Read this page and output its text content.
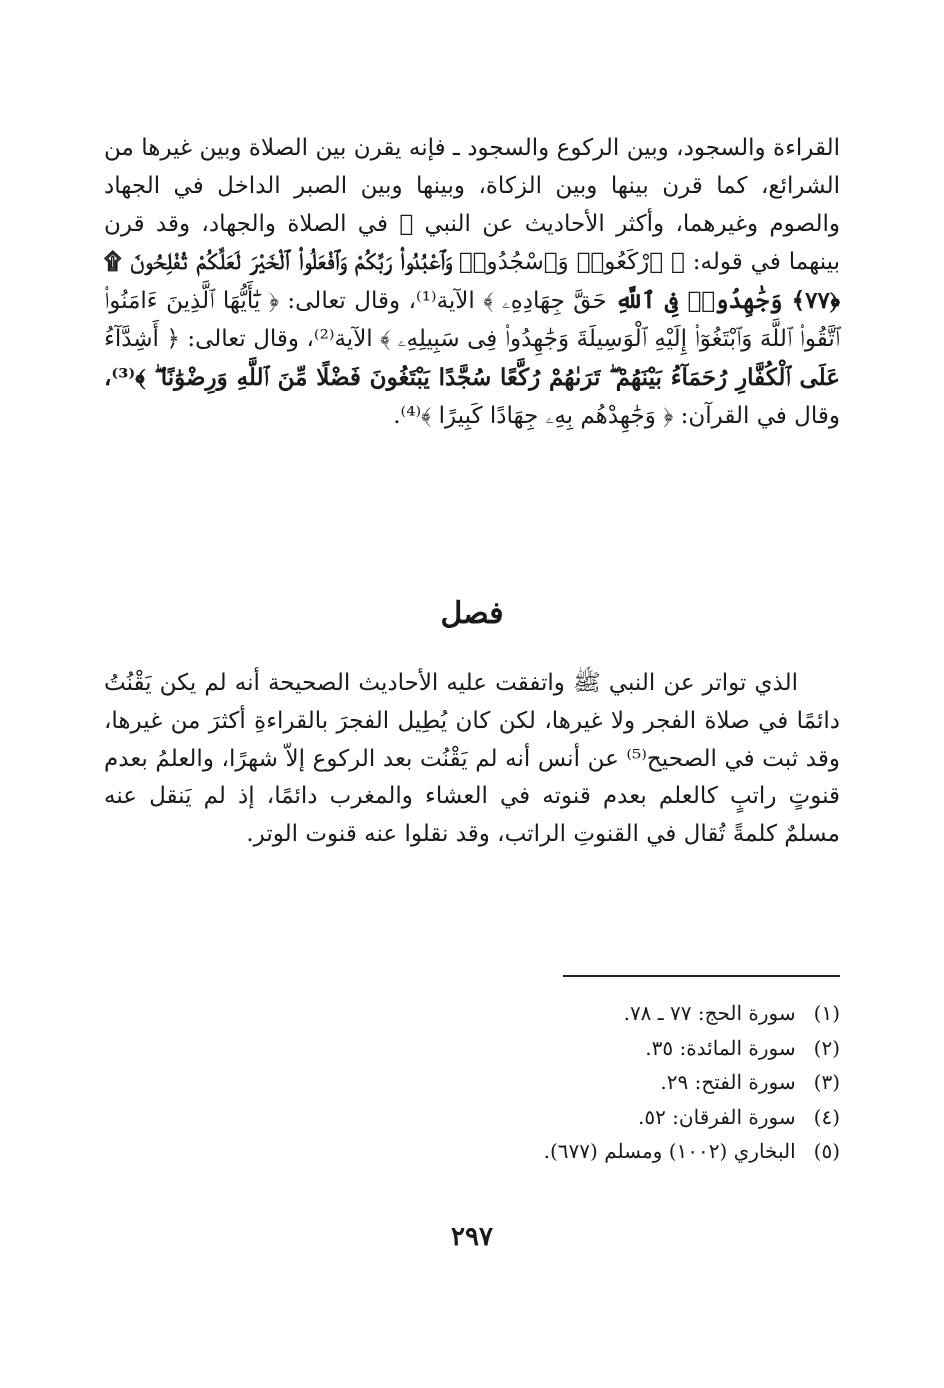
القراءة والسجود، وبين الركوع والسجود ـ فإنه يقرن بين الصلاة وبين غيرها من الشرائع، كما قرن بينها وبين الزكاة، وبينها وبين الصبر الداخل في الجهاد والصوم وغيرهما، وأكثر الأحاديث عن النبي ﷺ في الصلاة والجهاد، وقد قرن بينهما في قوله: ﴿ ٱرْكَعُوا۟ وَٱسْجُدُوا۟ وَٱعْبُدُوا۟ رَبَّكُمْ وَٱفْعَلُوا۟ ٱلْخَيْرَ لَعَلَّكُمْ تُفْلِحُونَ ۩ ﴿٧٧﴾ وَجَٰهِدُوا۟ فِى ٱللَّهِ حَقَّ جِهَادِهِۦ ﴾ الآية⁽¹⁾، وقال تعالى: ﴿ يَٰٓأَيُّهَا ٱلَّذِينَ ءَامَنُوا۟ ٱتَّقُوا۟ ٱللَّهَ وَٱبْتَغُوٓا۟ إِلَيْهِ ٱلْوَسِيلَةَ وَجَٰهِدُوا۟ فِى سَبِيلِهِۦ ﴾ الآية⁽²⁾، وقال تعالى: ﴿ أَشِدَّآءُ عَلَى ٱلْكُفَّارِ رُحَمَآءُ بَيْنَهُمْ ۖ تَرَىٰهُمْ رُكَّعًا سُجَّدًا يَبْتَغُونَ فَضْلًا مِّنَ ٱللَّهِ وَرِضْوَٰنًا ۖ ﴾⁽³⁾، وقال في القرآن: ﴿ وَجَٰهِدْهُم بِهِۦ جِهَادًا كَبِيرًا ﴾⁽⁴⁾.

فصل

الذي تواتر عن النبي ﷺ واتفقت عليه الأحاديث الصحيحة أنه لم يكن يَقْنُتُ دائمًا في صلاة الفجر ولا غيرها، لكن كان يُطِيل الفجرَ بالقراءةِ أكثرَ من غيرها، وقد ثبت في الصحيح⁽⁵⁾ عن أنس أنه لم يَقْنُت بعد الركوع إلاّ شهرًا، والعلمُ بعدم قنوتٍ راتبٍ كالعلم بعدم قنوته في العشاء والمغرب دائمًا، إذ لم يَنقل عنه مسلمٌ كلمةً تُقال في القنوتِ الراتب، وقد نقلوا عنه قنوت الوتر.

(١) سورة الحج: ٧٧ ـ ٧٨.
(٢) سورة المائدة: ٣٥.
(٣) سورة الفتح: ٢٩.
(٤) سورة الفرقان: ٥٢.
(٥) البخاري (١٠٠٢) ومسلم (٦٧٧).
٢٩٧
